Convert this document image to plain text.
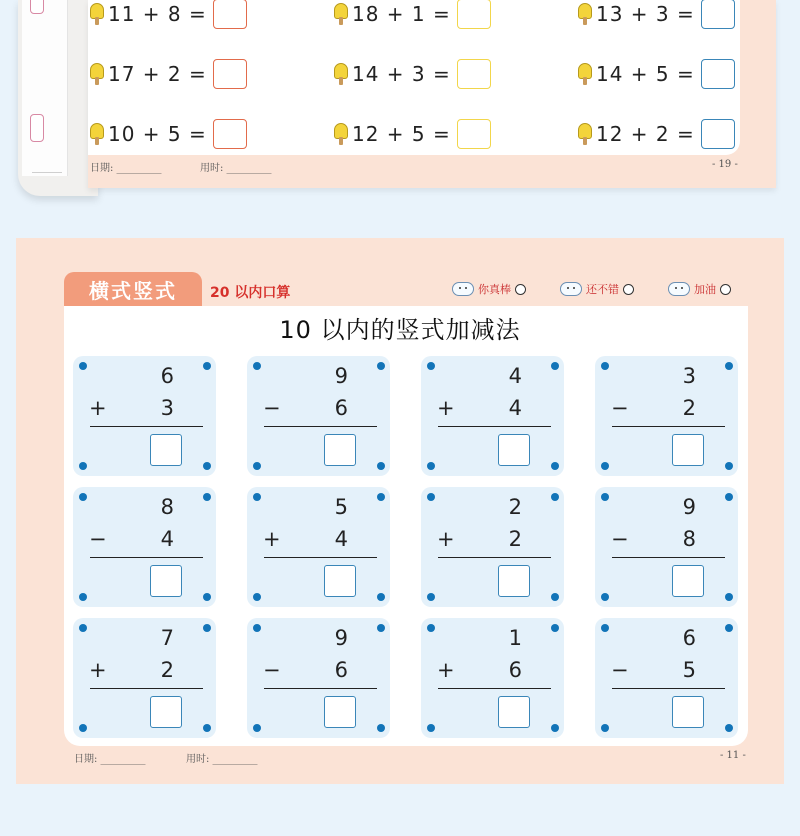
11 + 8 =	18 + 1 =	13 + 3 =
17 + 2 =	14 + 3 =	14 + 5 =
10 + 5 =	12 + 5 =	12 + 2 =
日期: _________	用时: _________	- 19 -
横式竖式	20 以内口算	你真棒	还不错	加油
10 以内的竖式加减法
6
+	3
9
−	6
4
+	4
3
−	2
8
−	4
5
+	4
2
+	2
9
−	8
7
+	2
9
−	6
1
+	6
6
−	5
日期: _________	用时: _________	- 11 -
